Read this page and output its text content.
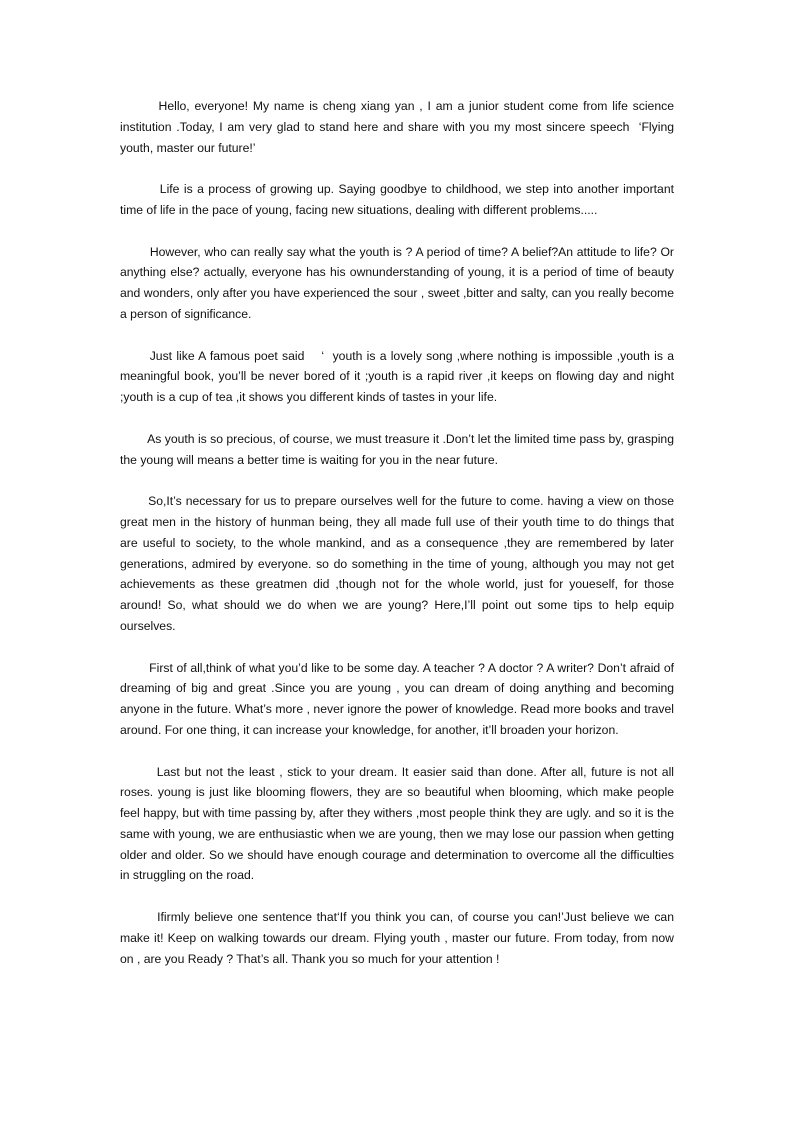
Hello, everyone! My name is cheng xiang yan , I am a junior student come from life science institution .Today, I am very glad to stand here and share with you my most sincere speech  ‘Flying youth, master our future!’

Life is a process of growing up. Saying goodbye to childhood, we step into another important time of life in the pace of young, facing new situations, dealing with different problems.....

However, who can really say what the youth is ? A period of time? A belief?An attitude to life? Or anything else? actually, everyone has his ownunderstanding of young, it is a period of time of beauty and wonders, only after you have experienced the sour , sweet ,bitter and salty, can you really become a person of significance.

Just like A famous poet said    ‘  youth is a lovely song ,where nothing is impossible ,youth is a meaningful book, you’ll be never bored of it ;youth is a rapid river ,it keeps on flowing day and night ;youth is a cup of tea ,it shows you different kinds of tastes in your life.

As youth is so precious, of course, we must treasure it .Don’t let the limited time pass by, grasping the young will means a better time is waiting for you in the near future.

So,It’s necessary for us to prepare ourselves well for the future to come. having a view on those great men in the history of hunman being, they all made full use of their youth time to do things that are useful to society, to the whole mankind, and as a consequence ,they are remembered by later generations, admired by everyone. so do something in the time of young, although you may not get achievements as these greatmen did ,though not for the whole world, just for youeself, for those around! So, what should we do when we are young? Here,I’ll point out some tips to help equip ourselves.

First of all,think of what you’d like to be some day. A teacher ? A doctor ? A writer? Don’t afraid of dreaming of big and great .Since you are young , you can dream of doing anything and becoming anyone in the future. What’s more , never ignore the power of knowledge. Read more books and travel around. For one thing, it can increase your knowledge, for another, it’ll broaden your horizon.

Last but not the least , stick to your dream. It easier said than done. After all, future is not all roses. young is just like blooming flowers, they are so beautiful when blooming, which make people feel happy, but with time passing by, after they withers ,most people think they are ugly. and so it is the same with young, we are enthusiastic when we are young, then we may lose our passion when getting older and older. So we should have enough courage and determination to overcome all the difficulties in struggling on the road.

Ifirmly believe one sentence that‘If you think you can, of course you can!’Just believe we can make it! Keep on walking towards our dream. Flying youth , master our future. From today, from now on , are you Ready ? That’s all. Thank you so much for your attention !
